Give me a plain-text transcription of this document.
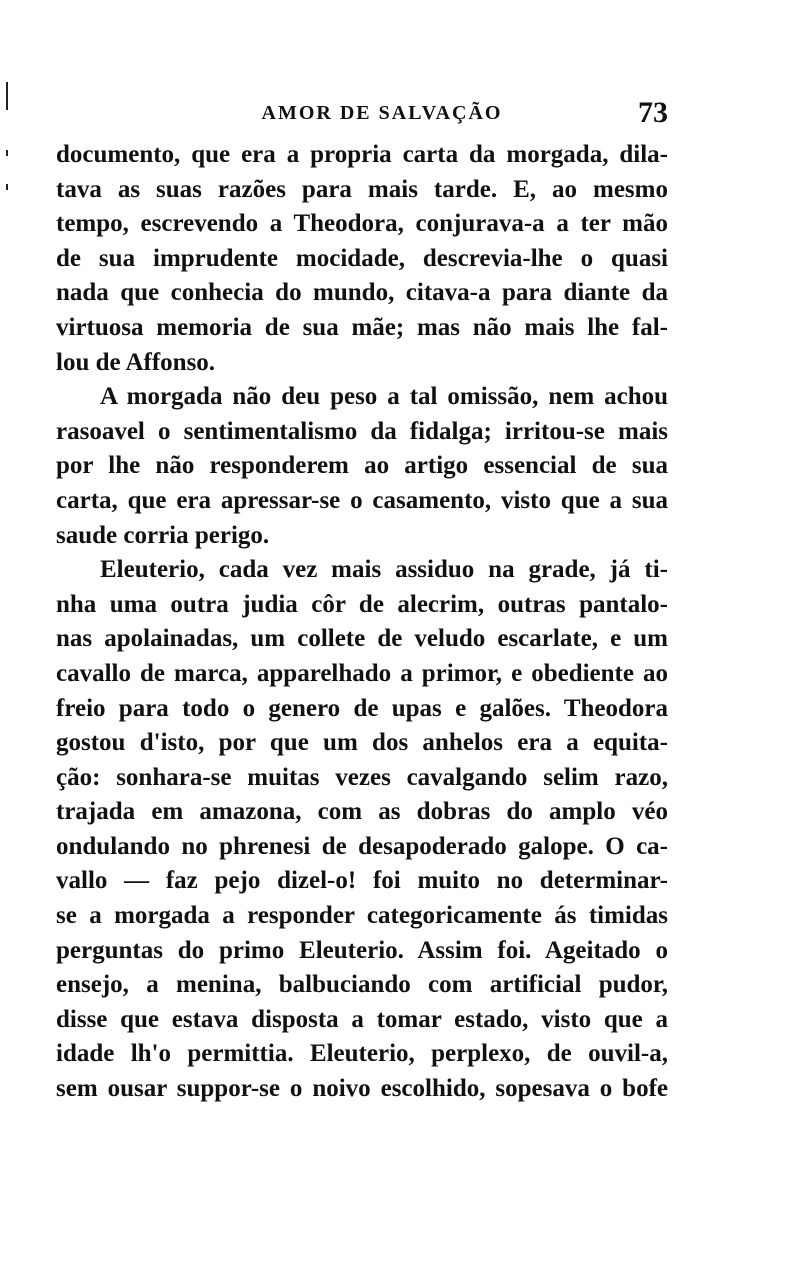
AMOR DE SALVAÇÃO	73
documento, que era a propria carta da morgada, dila-
tava as suas razões para mais tarde. E, ao mesmo
tempo, escrevendo a Theodora, conjurava-a a ter mão
de sua imprudente mocidade, descrevia-lhe o quasi
nada que conhecia do mundo, citava-a para diante da
virtuosa memoria de sua mãe; mas não mais lhe fal-
lou de Affonso.
A morgada não deu peso a tal omissão, nem achou
rasoavel o sentimentalismo da fidalga; irritou-se mais
por lhe não responderem ao artigo essencial de sua
carta, que era apressar-se o casamento, visto que a sua
saude corria perigo.
Eleuterio, cada vez mais assiduo na grade, já ti-
nha uma outra judia côr de alecrim, outras pantalo-
nas apolainadas, um collete de veludo escarlate, e um
cavallo de marca, apparelhado a primor, e obediente ao
freio para todo o genero de upas e galões. Theodora
gostou d'isto, por que um dos anhelos era a equita-
ção: sonhara-se muitas vezes cavalgando selim razo,
trajada em amazona, com as dobras do amplo véo
ondulando no phrenesi de desapoderado galope. O ca-
vallo — faz pejo dizel-o! foi muito no determinar-
se a morgada a responder categoricamente ás timidas
perguntas do primo Eleuterio. Assim foi. Ageitado o
ensejo, a menina, balbuciando com artificial pudor,
disse que estava disposta a tomar estado, visto que a
idade lh'o permittia. Eleuterio, perplexo, de ouvil-a,
sem ousar suppor-se o noivo escolhido, sopesava o bofe
